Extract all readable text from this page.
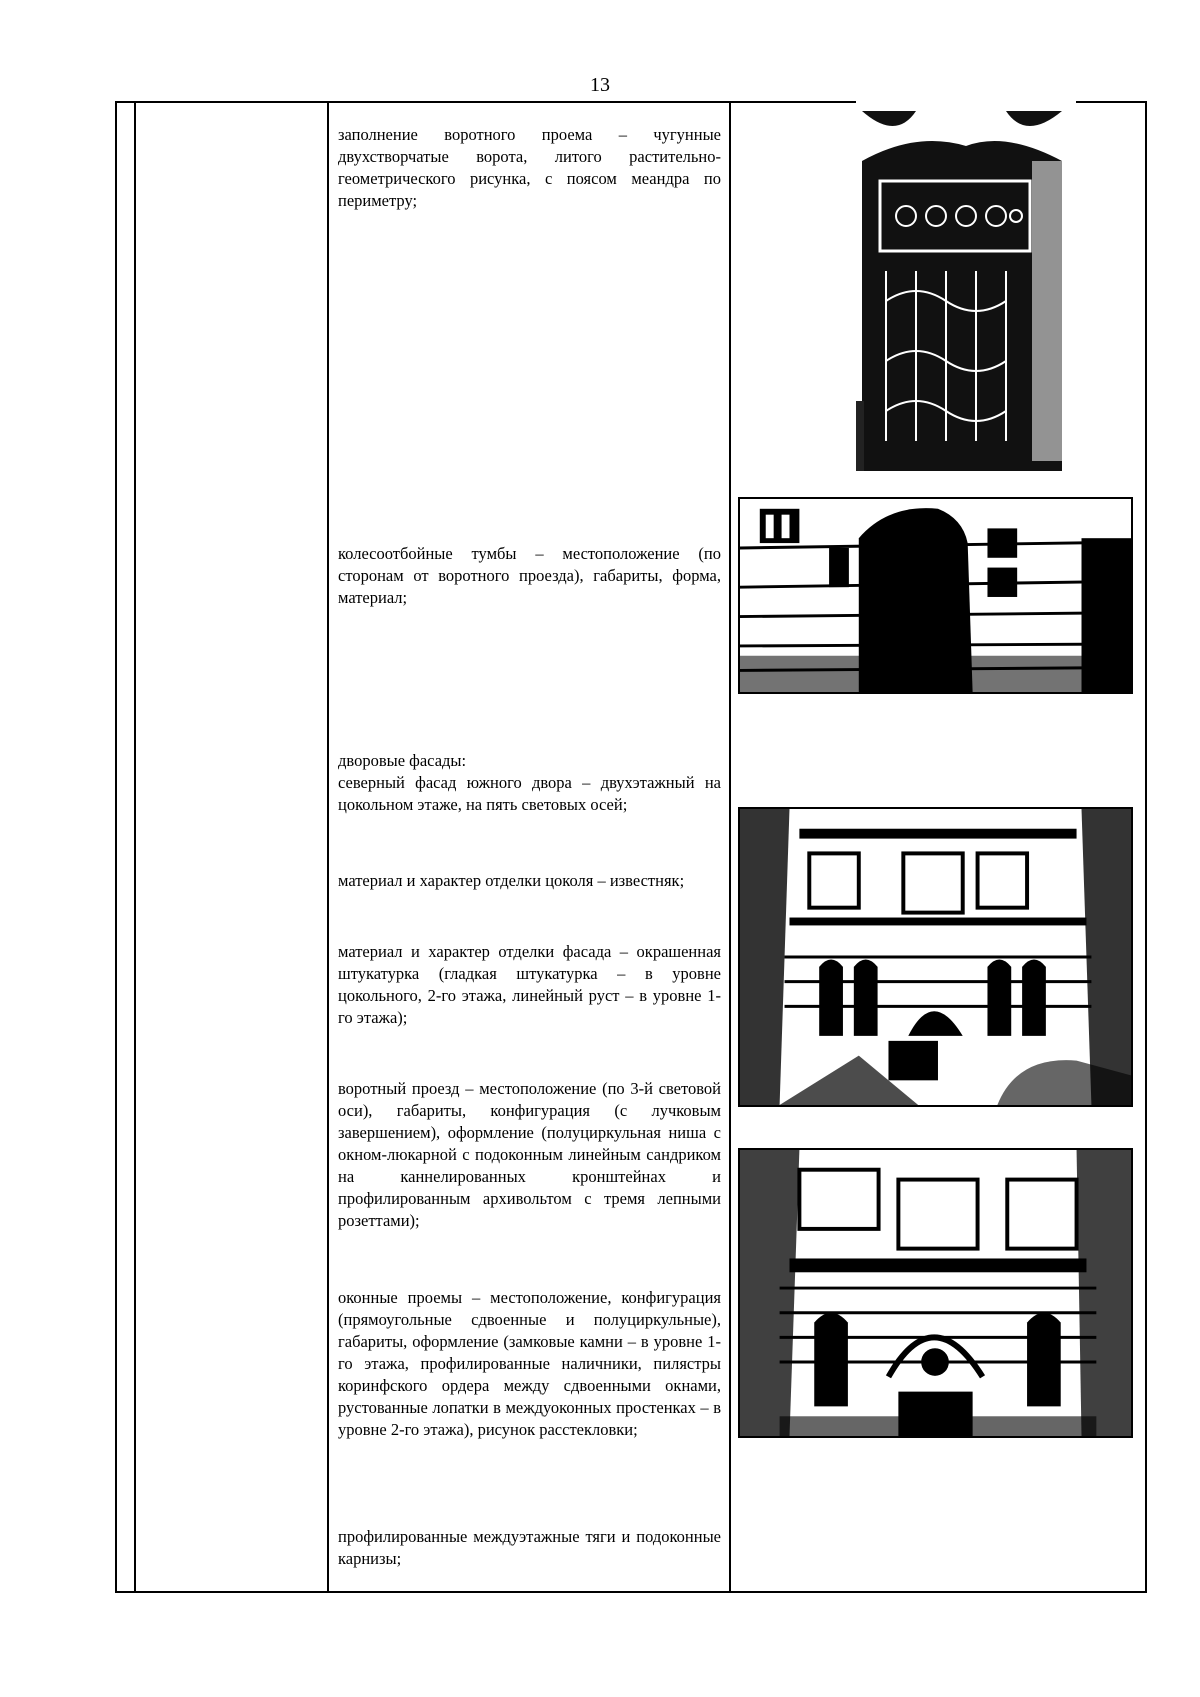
13

заполнение воротного проема – чугунные двухстворчатые ворота, литого растительно-геометрического рисунка, с поясом меандра по периметру;

колесоотбойные тумбы – местоположение (по сторонам от воротного проезда), габариты, форма, материал;

дворовые фасады:

северный фасад южного двора – двухэтажный на цокольном этаже, на пять световых осей;

материал и характер отделки цоколя – известняк;

материал и характер отделки фасада – окрашенная штукатурка (гладкая штукатурка – в уровне цокольного, 2-го этажа, линейный руст – в уровне 1-го этажа);

воротный проезд – местоположение (по 3-й световой оси), габариты, конфигурация (с лучковым завершением), оформление (полуциркульная ниша с окном-люкарной с подоконным линейным сандриком на каннелированных кронштейнах и профилированным архивольтом с тремя лепными розеттами);

оконные проемы – местоположение, конфигурация (прямоугольные сдвоенные и полуциркульные), габариты, оформление (замковые камни – в уровне 1-го этажа, профилированные наличники, пилястры коринфского ордера между сдвоенными окнами, рустованные лопатки в междуоконных простенках – в уровне 2-го этажа), рисунок расстекловки;

профилированные междуэтажные тяги и подоконные карнизы;
